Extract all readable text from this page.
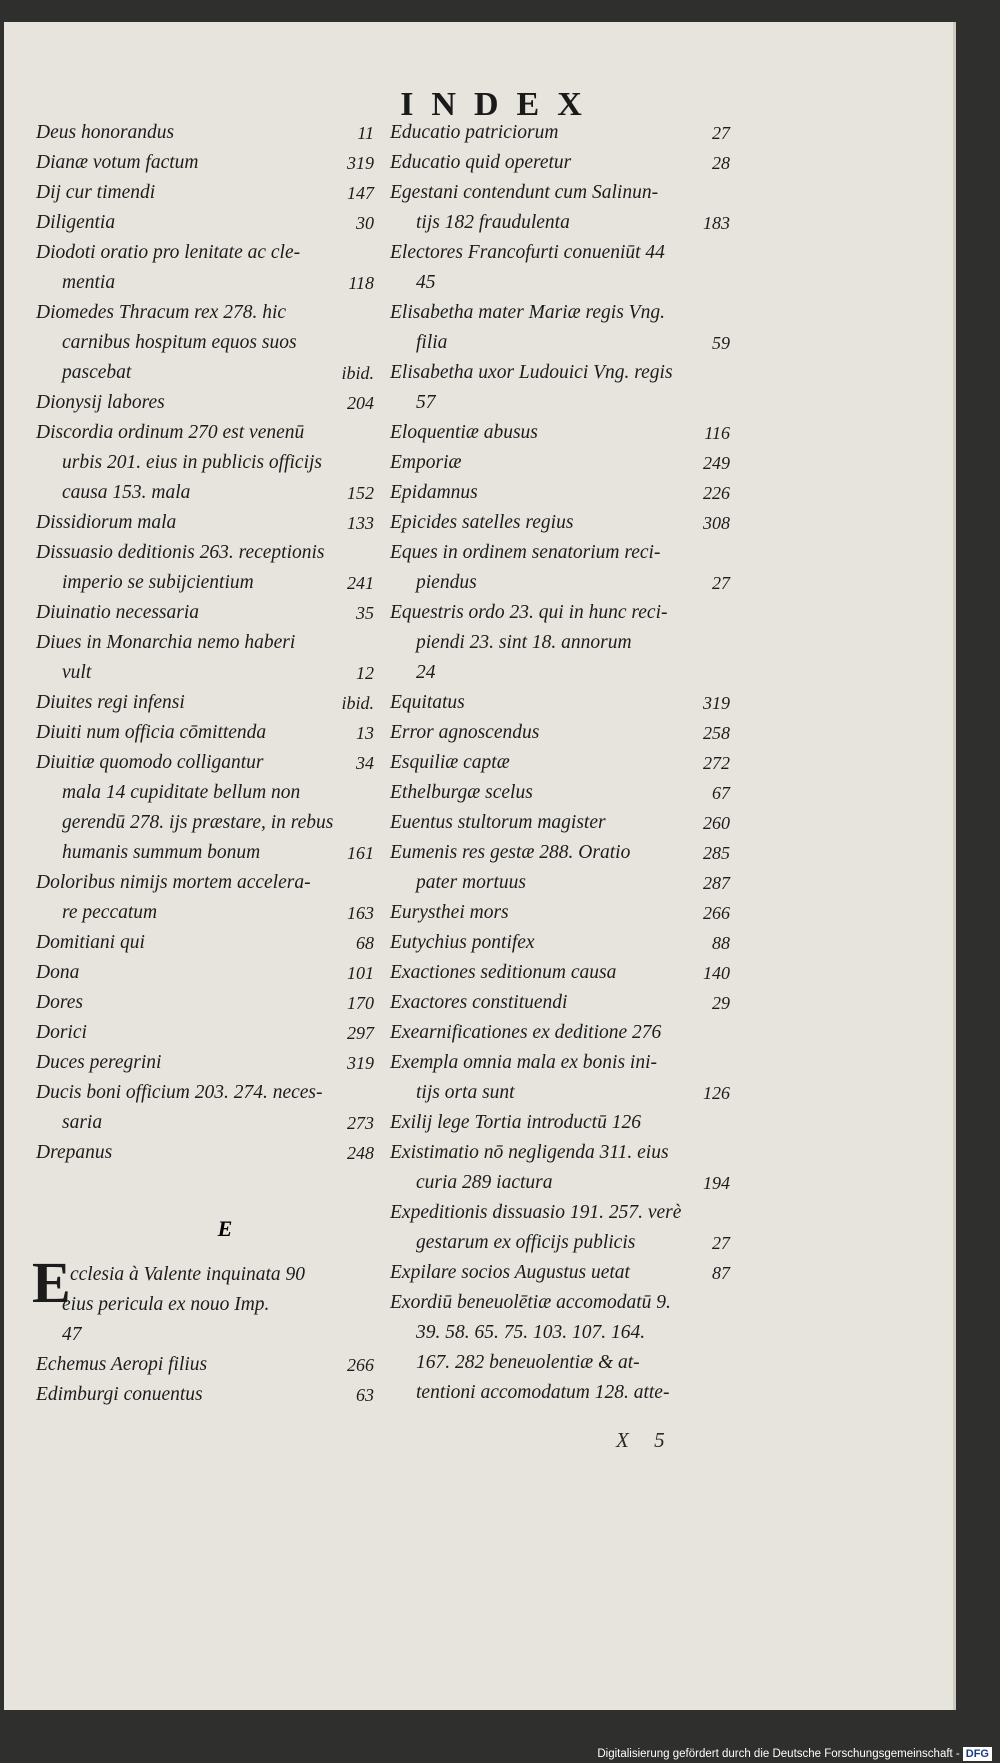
INDEX
Deus honorandus	11
Dianæ votum factum	319
Dij cur timendi	147
Diligentia	30
Diodoti oratio pro lenitate ac cle-
mentia	118
Diomedes Thracum rex 278. hic
carnibus hospitum equos suos
pascebat	ibid.
Dionysij labores	204
Discordia ordinum 270 est venenū
urbis 201. eius in publicis officijs
causa 153. mala	152
Dissidiorum mala	133
Dissuasio deditionis 263. receptionis
imperio se subijcientium	241
Diuinatio necessaria	35
Diues in Monarchia nemo haberi
vult	12
Diuites regi infensi	ibid.
Diuiti num officia cōmittenda	13
Diuitiæ quomodo colligantur	34
mala 14 cupiditate bellum non
gerendū 278. ijs præstare, in rebus
humanis summum bonum	161
Doloribus nimijs mortem accelera-
re peccatum	163
Domitiani qui	68
Dona	101
Dores	170
Dorici	297
Duces peregrini	319
Ducis boni officium 203. 274. neces-
saria	273
Drepanus	248
E
E cclesia à Valente inquinata 90
eius pericula ex nouo Imp.
47
Echemus Aeropi filius	266
Edimburgi conuentus	63
Educatio patriciorum	27
Educatio quid operetur	28
Egestani contendunt cum Salinun-
tijs 182 fraudulenta	183
Electores Francofurti conueniūt 44
45
Elisabetha mater Mariæ regis Vng.
filia	59
Elisabetha uxor Ludouici Vng. regis
57
Eloquentiæ abusus	116
Emporiæ	249
Epidamnus	226
Epicides satelles regius	308
Eques in ordinem senatorium reci-
piendus	27
Equestris ordo 23. qui in hunc reci-
piendi 23. sint 18. annorum
24
Equitatus	319
Error agnoscendus	258
Esquiliæ captæ	272
Ethelburgæ scelus	67
Euentus stultorum magister	260
Eumenis res gestæ 288. Oratio	285
pater mortuus	287
Eurysthei mors	266
Eutychius pontifex	88
Exactiones seditionum causa	140
Exactores constituendi	29
Exearnificationes ex deditione 276
Exempla omnia mala ex bonis ini-
tijs orta sunt	126
Exilij lege Tortia introductū 126
Existimatio nō negligenda 311. eius
curia 289 iactura	194
Expeditionis dissuasio 191. 257. verè
gestarum ex officijs publicis	27
Expilare socios Augustus uetat	87
Exordiū beneuolētiæ accomodatū 9.
39. 58. 65. 75. 103. 107. 164.
167. 282 beneuolentiæ & at-
tentioni accomodatum 128. atte-
X 5
Digitalisierung gefördert durch die Deutsche Forschungsgemeinschaft - DFG
